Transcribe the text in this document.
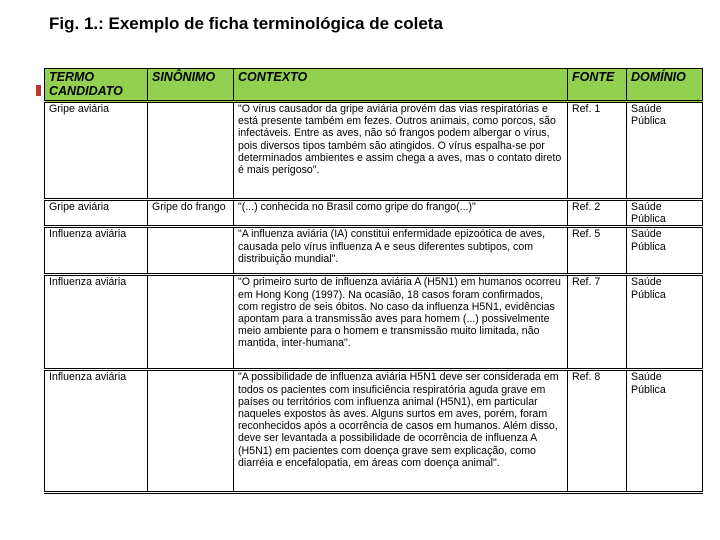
Fig. 1.: Exemplo de ficha terminológica de coleta
TERMO CANDIDATO	SINÔNIMO	CONTEXTO	FONTE	DOMÍNIO
Gripe aviária		"O vírus causador da gripe aviária provém das vias respiratórias e está presente também em fezes. Outros animais, como porcos, são infectáveis. Entre as aves, não só frangos podem albergar o vírus, pois diversos tipos também são atingidos. O vírus espalha-se por determinados ambientes e assim chega a aves, mas o contato direto é mais perigoso".	Ref. 1	Saúde Pública
Gripe aviária	Gripe do frango	"(...) conhecida no Brasil como gripe do frango(...)"	Ref. 2	Saúde Pública
Influenza aviária		"A influenza aviária (IA) constitui enfermidade epizoótica de aves, causada pelo vírus influenza A e seus diferentes subtipos, com distribuição mundial".	Ref. 5	Saúde Pública
Influenza aviária		"O primeiro surto de influenza aviária A (H5N1) em humanos ocorreu em Hong Kong (1997). Na ocasião, 18 casos foram confirmados, com registro de seis óbitos. No caso da influenza H5N1, evidências apontam para a transmissão aves para homem (...) possivelmente meio ambiente para o homem e transmissão muito limitada, não mantida, inter-humana".	Ref. 7	Saúde Pública
Influenza aviária		"A possibilidade de influenza aviária H5N1 deve ser considerada em todos os pacientes com insuficiência respiratória aguda grave em países ou territórios com influenza animal (H5N1), em particular naqueles expostos às aves. Alguns surtos em aves, porém, foram reconhecidos após a ocorrência de casos em humanos. Além disso, deve ser levantada a possibilidade de ocorrência de influenza A (H5N1) em pacientes com doença grave sem explicação, como diarréia e encefalopatia, em áreas com doença animal".	Ref. 8	Saúde Pública
